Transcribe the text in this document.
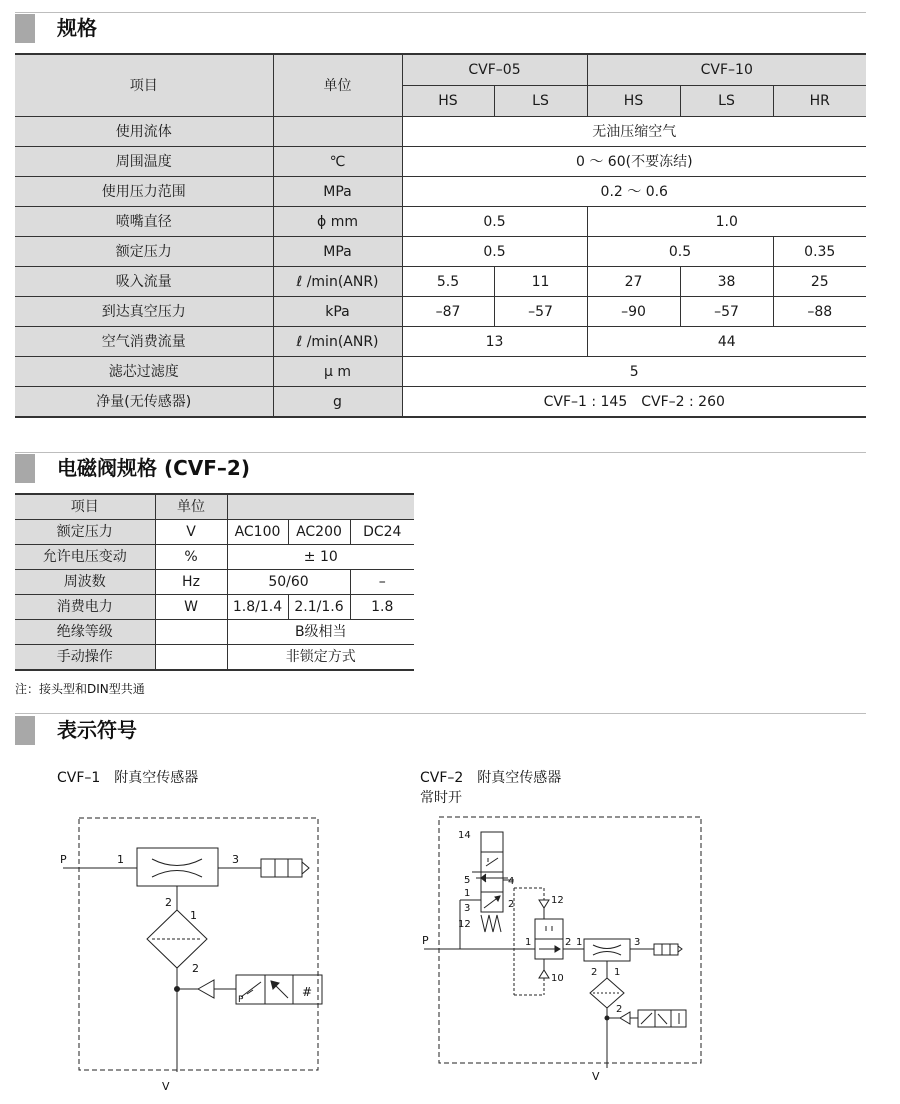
规格
项目	单位	CVF–05		CVF–10		
		HS	LS	HS	LS	HR
使用流体		无油压缩空气				
周围温度	℃	0 ～ 60(不要冻结)				
使用压力范围	MPa	0.2 ～ 0.6				
喷嘴直径	ϕ mm	0.5		1.0		
额定压力	MPa	0.5		0.5		0.35
吸入流量	ℓ /min(ANR)	5.5	11	27	38	25
到达真空压力	kPa	–87	–57	–90	–57	–88
空气消费流量	ℓ /min(ANR)	13		44		
滤芯过滤度	μ m	5				
净量(无传感器)	g	CVF–1 : 145　CVF–2 : 260				
电磁阀规格 (CVF–2)
项目	单位			
额定压力	V	AC100	AC200	DC24
允许电压变动	%	± 10		
周波数	Hz	50/60		–
消费电力	W	1.8/1.4	2.1/1.6	1.8
绝缘等级		B级相当		
手动操作		非锁定方式		
注：接头型和DIN型共通
表示符号
CVF–1　附真空传感器	CVF–2　附真空传感器
常时开
P	1	3
2
1
2
V
P
#
P
14
5	4
1
3	2
12
12
10
1	2 1	3
2 1
2
V
